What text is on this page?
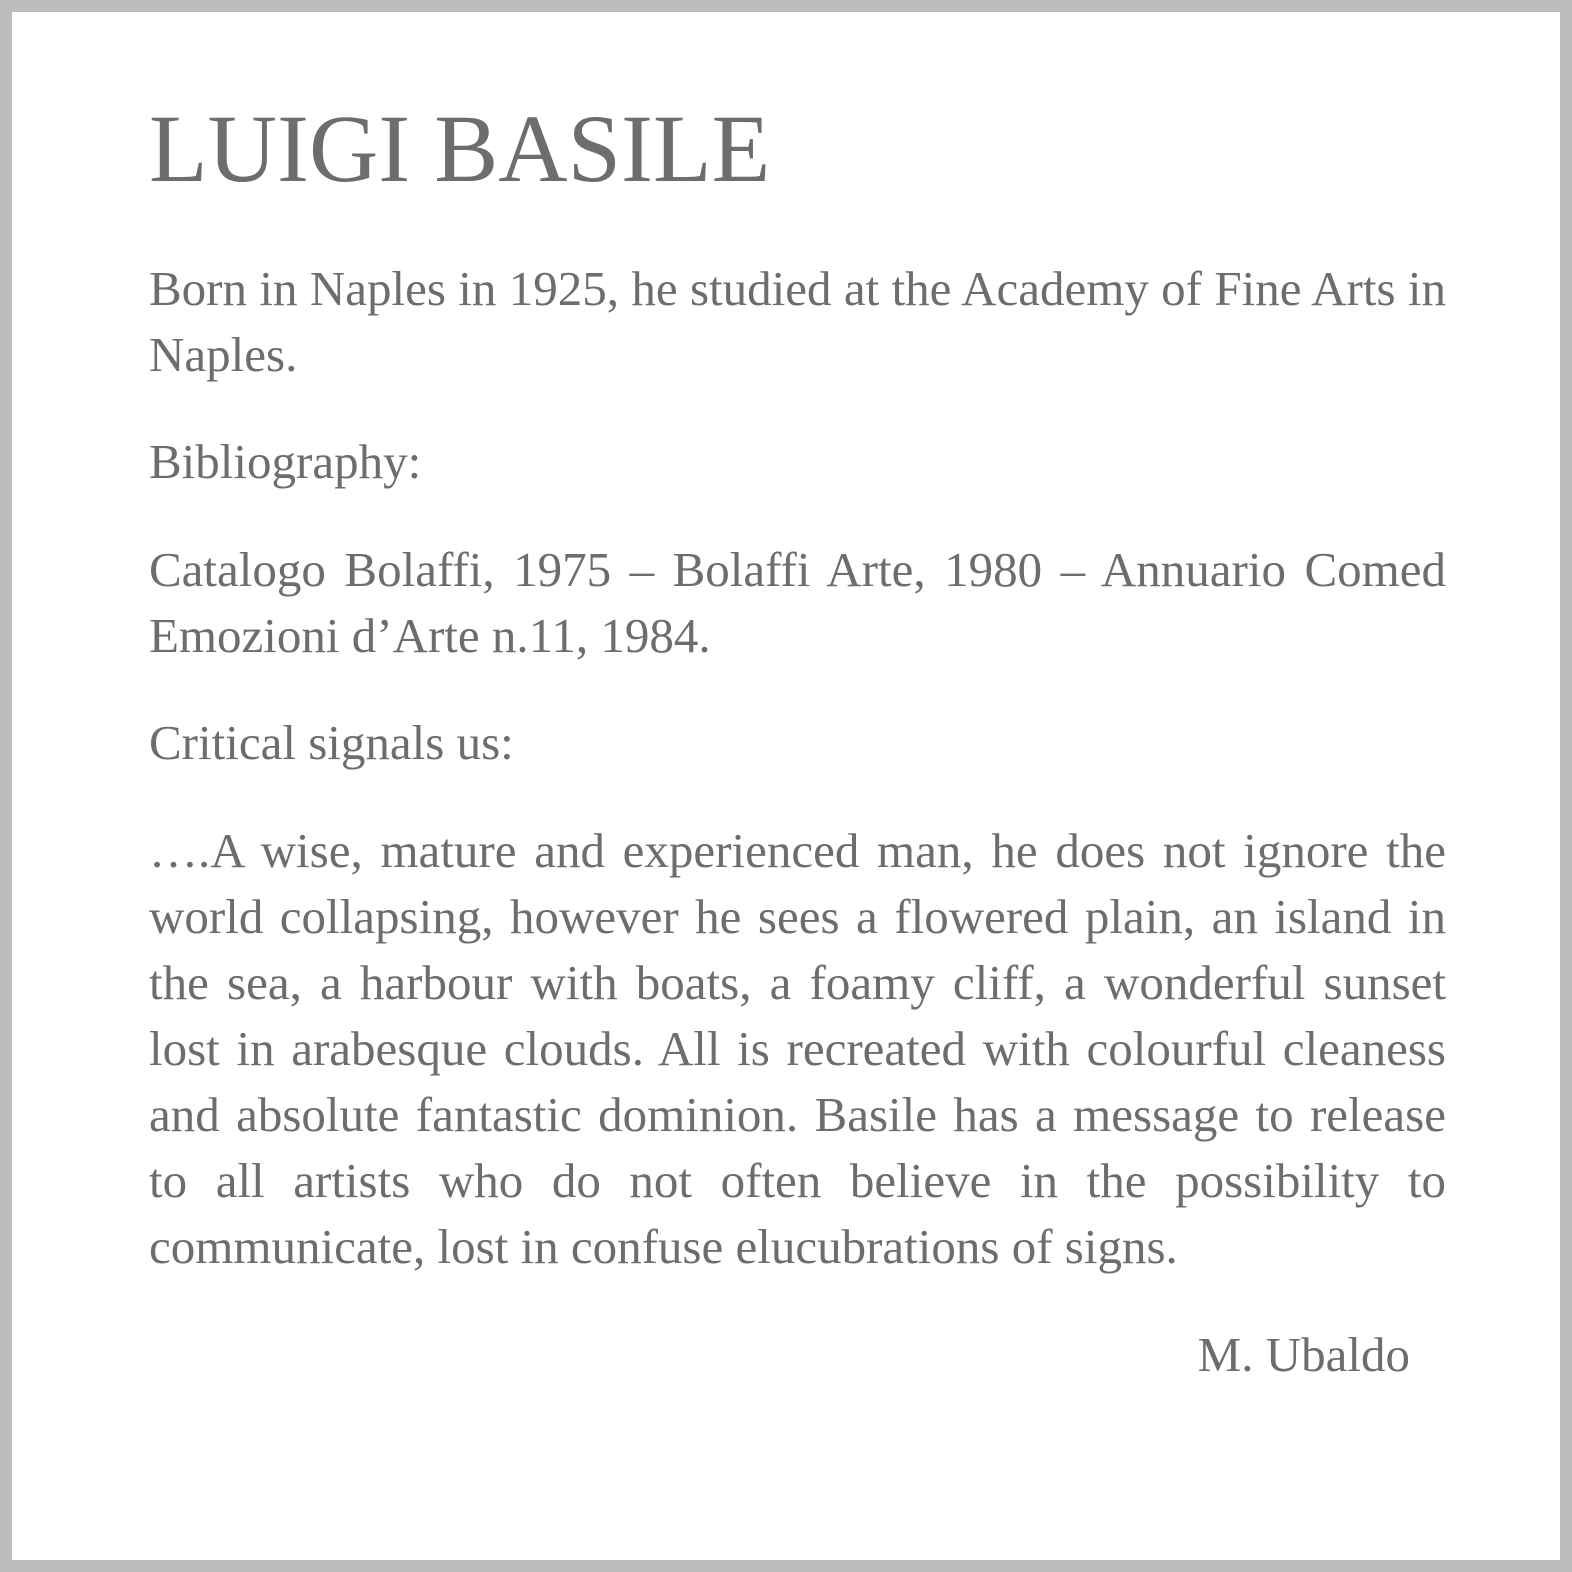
LUIGI BASILE

Born in Naples in 1925, he studied at the Academy of Fine Arts in Naples.

Bibliography:

Catalogo Bolaffi, 1975 – Bolaffi Arte, 1980 – Annuario Comed Emozioni d’Arte n.11, 1984.

Critical signals us:

….A wise, mature and experienced man, he does not ignore the world collapsing, however he sees a flowered plain, an island in the sea, a harbour with boats, a foamy cliff, a wonderful sunset lost in arabesque clouds. All is recreated with colourful cleaness and absolute fantastic dominion. Basile has a message to release to all artists who do not often believe in the possibility to communicate, lost in confuse elucubrations of signs.

M. Ubaldo
